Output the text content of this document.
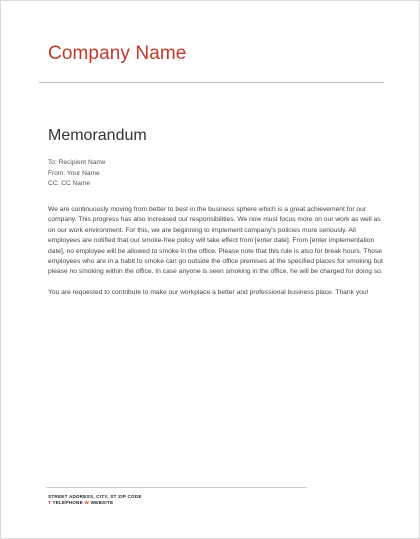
Company Name
Memorandum
To: Recipient Name
From: Your Name
CC: CC Name

We are continuously moving from better to best in the business sphere which is a great achievement for our company. This progress has also increased our responsibilities. We now must focus more on our work as well as on our work environment. For this, we are beginning to implement company's policies more seriously. All employees are notified that our smoke-free policy will take effect from [enter date]. From [enter implementation date], no employee will be allowed to smoke in the office. Please note that this rule is also for break hours. Those employees who are in a habit to smoke can go outside the office premises at the specified places for smoking but please no smoking within the office. In case anyone is seen smoking in the office, he will be charged for doing so.

You are requested to contribute to make our workplace a better and professional business place. Thank you!

STREET ADDRESS, CITY, ST ZIP CODE
T TELEPHONE W WEBSITE
